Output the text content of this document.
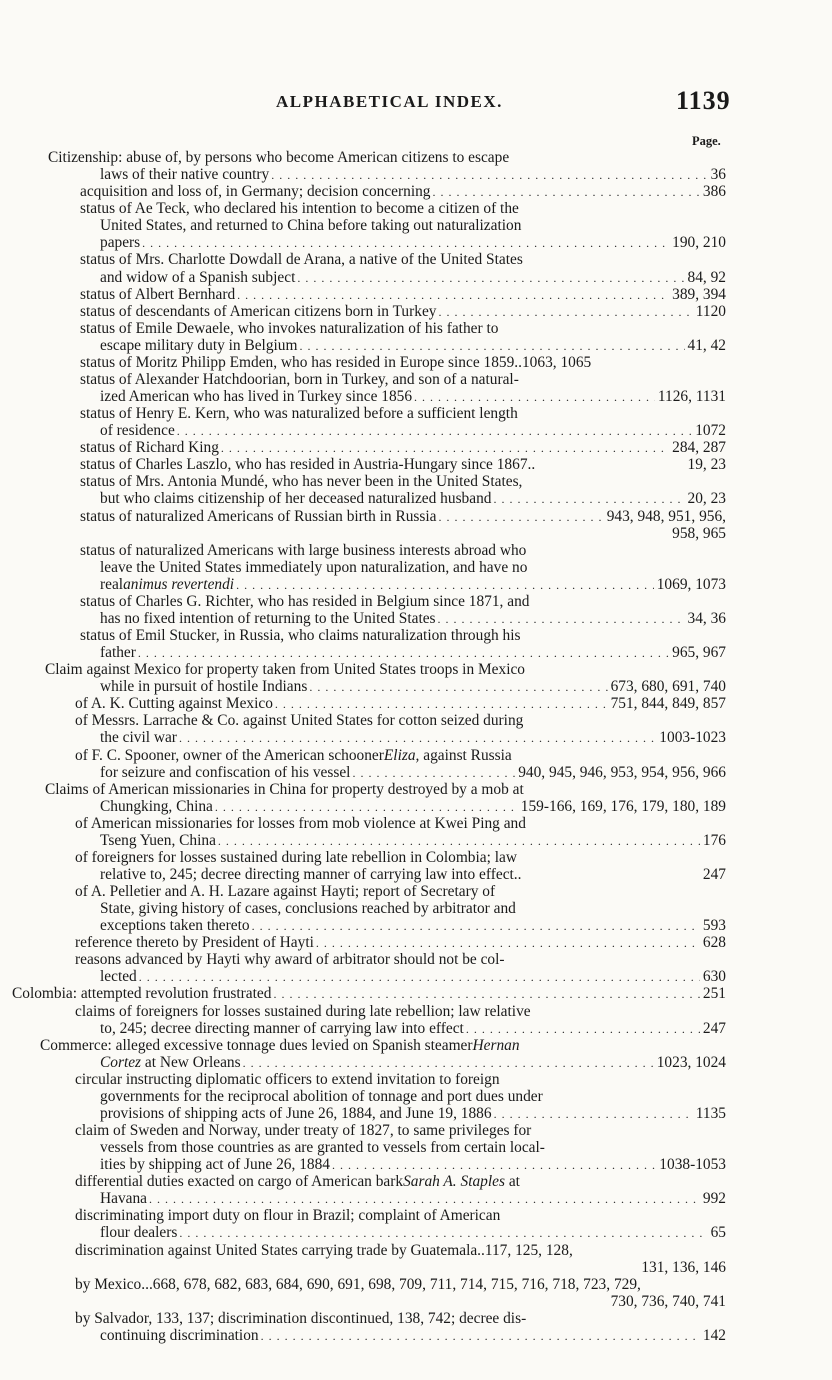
ALPHABETICAL INDEX.	1139
Page.
Citizenship: abuse of, by persons who become American citizens to escape
laws of their native country . . .	36
acquisition and loss of, in Germany; decision concerning . . .	386
status of Ae Teck, who declared his intention to become a citizen of the
United States, and returned to China before taking out naturalization
papers . . .	190, 210
status of Mrs. Charlotte Dowdall de Arana, a native of the United States
and widow of a Spanish subject . . .	84, 92
status of Albert Bernhard . . .	389, 394
status of descendants of American citizens born in Turkey . . .	1120
status of Emile Dewaele, who invokes naturalization of his father to
escape military duty in Belgium . . .	41, 42
status of Moritz Philipp Emden, who has resided in Europe since 1859..1063, 1065
status of Alexander Hatchdoorian, born in Turkey, and son of a natural-
ized American who has lived in Turkey since 1856 . . .	1126, 1131
status of Henry E. Kern, who was naturalized before a sufficient length
of residence . . .	1072
status of Richard King . . .	284, 287
status of Charles Laszlo, who has resided in Austria-Hungary since 1867..	19, 23
status of Mrs. Antonia Mundé, who has never been in the United States,
but who claims citizenship of her deceased naturalized husband . . .	20, 23
status of naturalized Americans of Russian birth in Russia . . .	943, 948, 951, 956,
958, 965
status of naturalized Americans with large business interests abroad who
leave the United States immediately upon naturalization, and have no
real animus revertendi . . .	1069, 1073
status of Charles G. Richter, who has resided in Belgium since 1871, and
has no fixed intention of returning to the United States . . .	34, 36
status of Emil Stucker, in Russia, who claims naturalization through his
father . . .	965, 967
Claim against Mexico for property taken from United States troops in Mexico
while in pursuit of hostile Indians . . .	673, 680, 691, 740
of A. K. Cutting against Mexico . . .	751, 844, 849, 857
of Messrs. Larrache & Co. against United States for cotton seized during
the civil war . . .	1003-1023
of F. C. Spooner, owner of the American schooner Eliza, against Russia
for seizure and confiscation of his vessel . . .	940, 945, 946, 953, 954, 956, 966
Claims of American missionaries in China for property destroyed by a mob at
Chungking, China . . .	159-166, 169, 176, 179, 180, 189
of American missionaries for losses from mob violence at Kwei Ping and
Tseng Yuen, China . . .	176
of foreigners for losses sustained during late rebellion in Colombia; law
relative to, 245; decree directing manner of carrying law into effect..	247
of A. Pelletier and A. H. Lazare against Hayti; report of Secretary of
State, giving history of cases, conclusions reached by arbitrator and
exceptions taken thereto . . .	593
reference thereto by President of Hayti . . .	628
reasons advanced by Hayti why award of arbitrator should not be col-
lected . . .	630
Colombia: attempted revolution frustrated . . .	251
claims of foreigners for losses sustained during late rebellion; law relative
to, 245; decree directing manner of carrying law into effect . . .	247
Commerce: alleged excessive tonnage dues levied on Spanish steamer Hernan
Cortez at New Orleans . . .	1023, 1024
circular instructing diplomatic officers to extend invitation to foreign
governments for the reciprocal abolition of tonnage and port dues under
provisions of shipping acts of June 26, 1884, and June 19, 1886 . . .	1135
claim of Sweden and Norway, under treaty of 1827, to same privileges for
vessels from those countries as are granted to vessels from certain local-
ities by shipping act of June 26, 1884 . . .	1038-1053
differential duties exacted on cargo of American bark Sarah A. Staples at
Havana . . .	992
discriminating import duty on flour in Brazil; complaint of American
flour dealers . . .	65
discrimination against United States carrying trade by Guatemala..117, 125, 128,
131, 136, 146
by Mexico...668, 678, 682, 683, 684, 690, 691, 698, 709, 711, 714, 715, 716, 718, 723, 729,
730, 736, 740, 741
by Salvador, 133, 137; discrimination discontinued, 138, 742; decree dis-
continuing discrimination . . .	142
